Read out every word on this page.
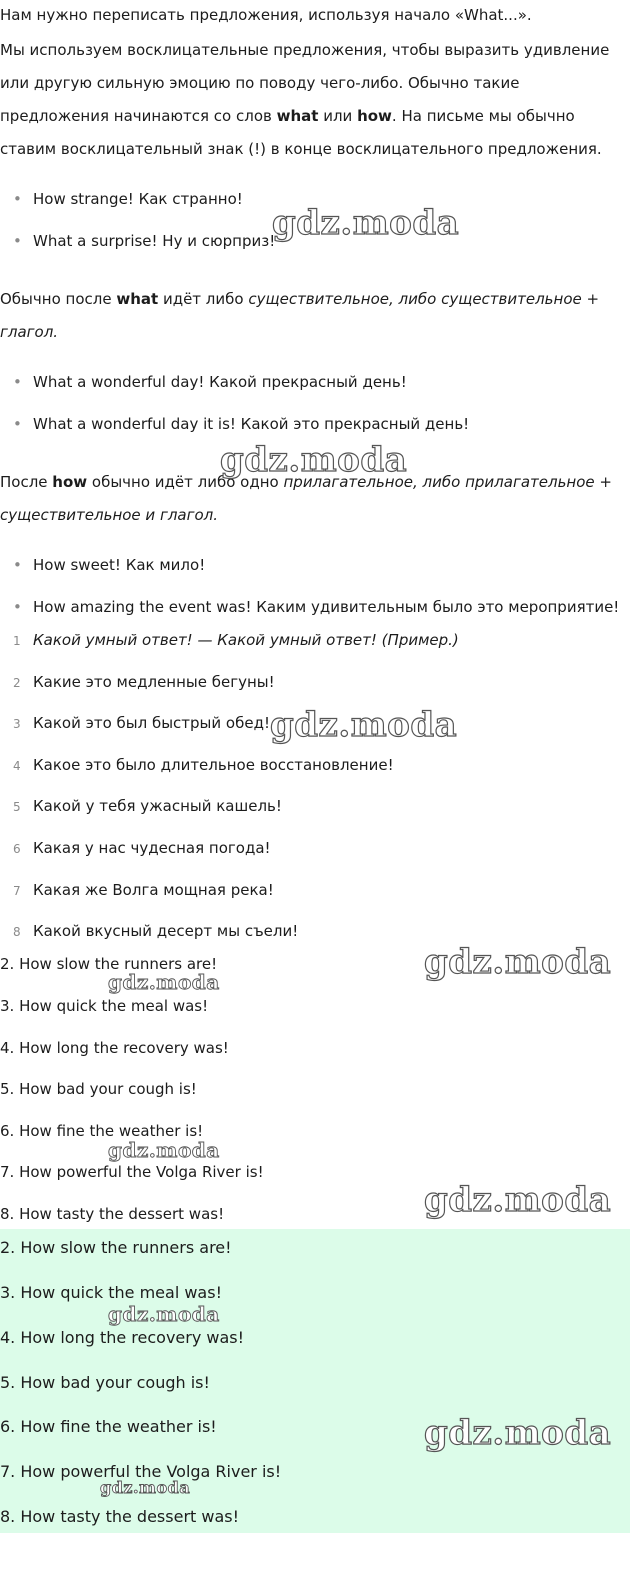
Нам нужно переписать предложения, используя начало «What...».

Мы используем восклицательные предложения, чтобы выразить удивление или другую сильную эмоцию по поводу чего-либо. Обычно такие предложения начинаются со слов what или how. На письме мы обычно ставим восклицательный знак (!) в конце восклицательного предложения.

• How strange! Как странно!
• What a surprise! Ну и сюрприз!

Обычно после what идёт либо существительное, либо существительное + глагол.

• What a wonderful day! Какой прекрасный день!
• What a wonderful day it is! Какой это прекрасный день!

После how обычно идёт либо одно прилагательное, либо прилагательное + существительное и глагол.

• How sweet! Как мило!
• How amazing the event was! Каким удивительным было это мероприятие!
1 Какой умный ответ! — Какой умный ответ! (Пример.)
2 Какие это медленные бегуны!
3 Какой это был быстрый обед!
4 Какое это было длительное восстановление!
5 Какой у тебя ужасный кашель!
6 Какая у нас чудесная погода!
7 Какая же Волга мощная река!
8 Какой вкусный десерт мы съели!
2. How slow the runners are!
3. How quick the meal was!
4. How long the recovery was!
5. How bad your cough is!
6. How fine the weather is!
7. How powerful the Volga River is!
8. How tasty the dessert was!
2. How slow the runners are!
3. How quick the meal was!
4. How long the recovery was!
5. How bad your cough is!
6. How fine the weather is!
7. How powerful the Volga River is!
8. How tasty the dessert was!
gdz.moda
gdz.moda
gdz.moda
gdz.moda
gdz.moda
gdz.moda
gdz.moda
gdz.moda
gdz.moda
gdz.moda
